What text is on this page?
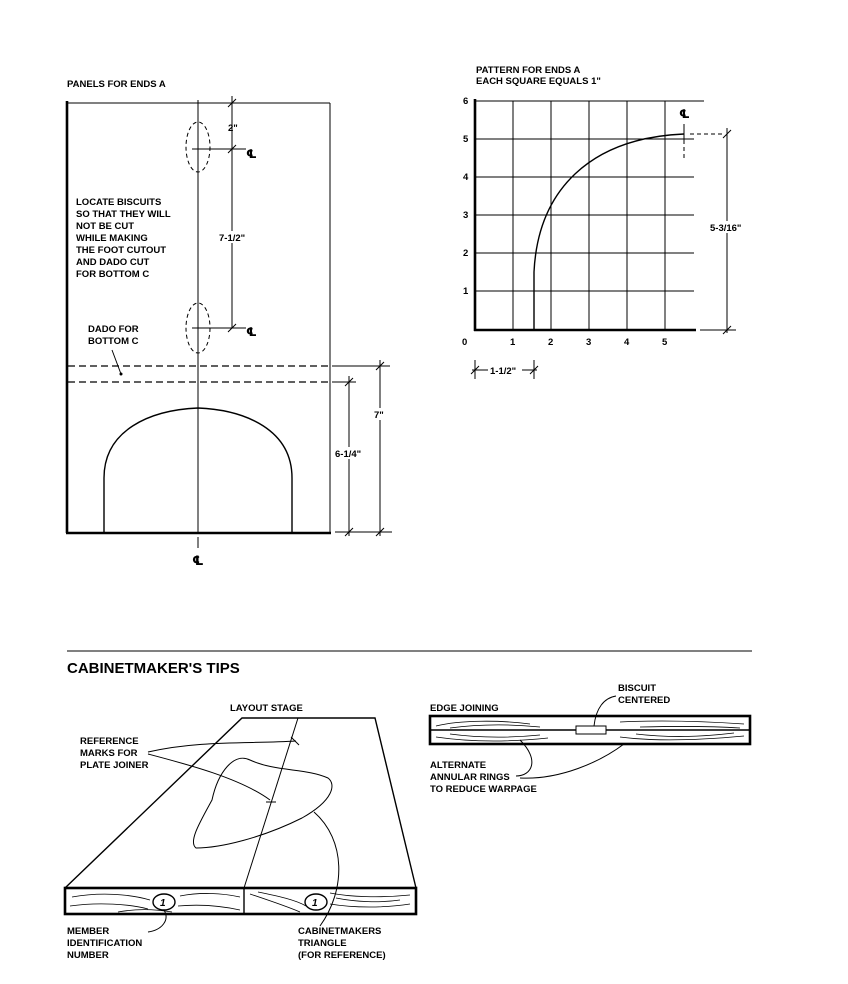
PANELS FOR ENDS A
℄
2"
℄
7-1/2"
℄
LOCATE BISCUITS
SO THAT THEY WILL
NOT BE CUT
WHILE MAKING
THE FOOT CUTOUT
AND DADO CUT
FOR BOTTOM C
DADO FOR
BOTTOM C
7"
6-1/4"
PATTERN FOR ENDS A
EACH SQUARE EQUALS 1"
0	1	2	3	4	5
1
2
3
4
5
6
℄
5-3/16"
1-1/2"
CABINETMAKER'S TIPS
LAYOUT STAGE
1	1
REFERENCE
MARKS FOR
PLATE JOINER
MEMBER
IDENTIFICATION
NUMBER
CABINETMAKERS
TRIANGLE
(FOR REFERENCE)
EDGE JOINING
BISCUIT
CENTERED
ALTERNATE
ANNULAR RINGS
TO REDUCE WARPAGE
